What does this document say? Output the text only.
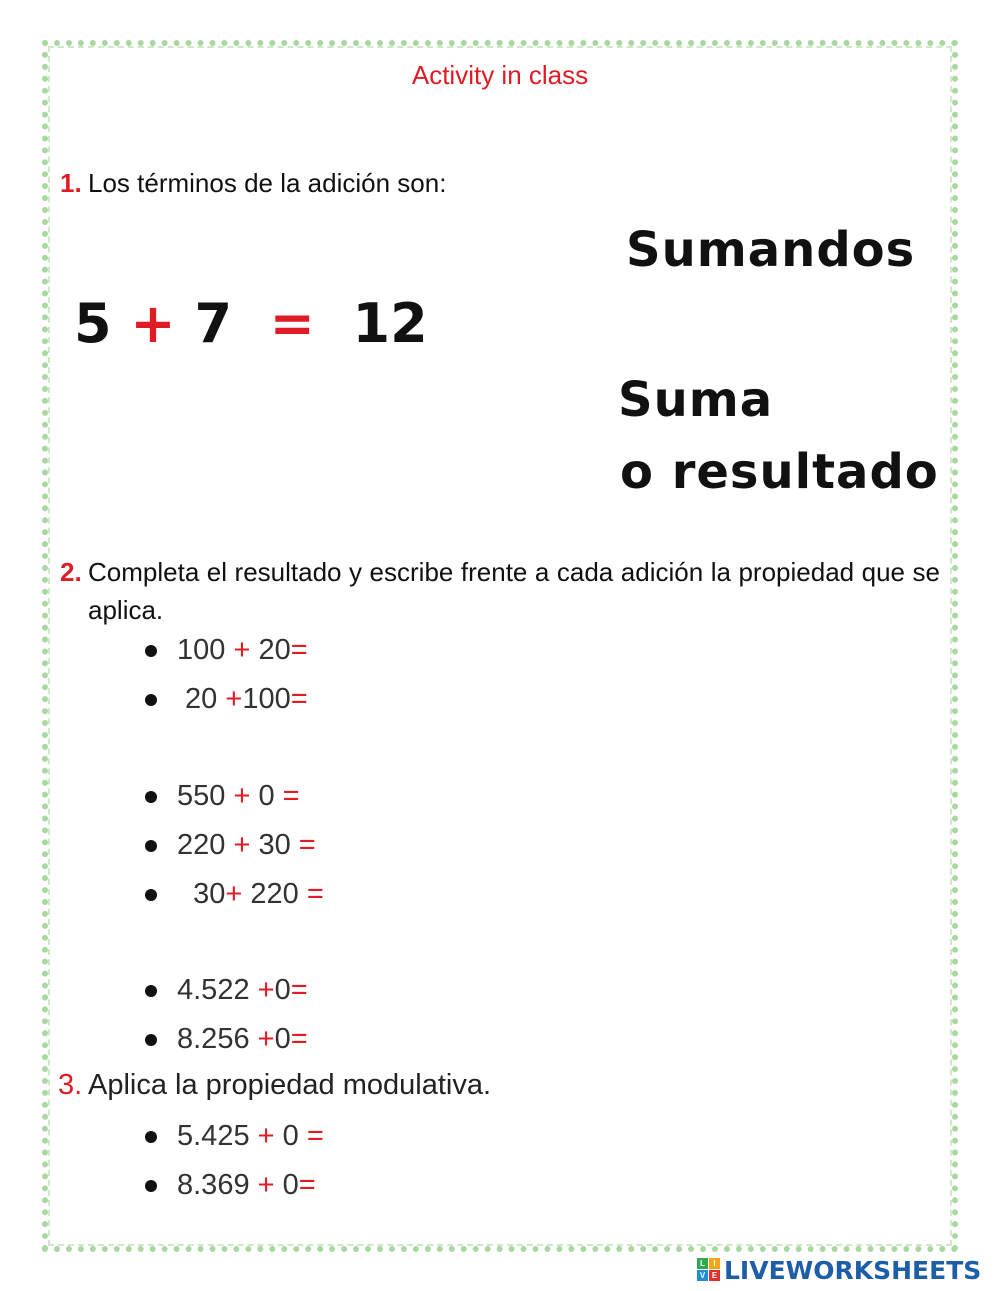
Activity in class
1. Los términos de la adición son:
5 + 7 = 12
Sumandos
Suma
o resultado
2. Completa el resultado y escribe frente a cada adición la propiedad que se aplica.
100 + 20=
20 +100=
550 + 0 =
220 + 30 =
30+ 220 =
4.522 +0=
8.256 +0=
3. Aplica la propiedad modulativa.
5.425 + 0 =
8.369 + 0=
L	I
V E LIVEWORKSHEETS
